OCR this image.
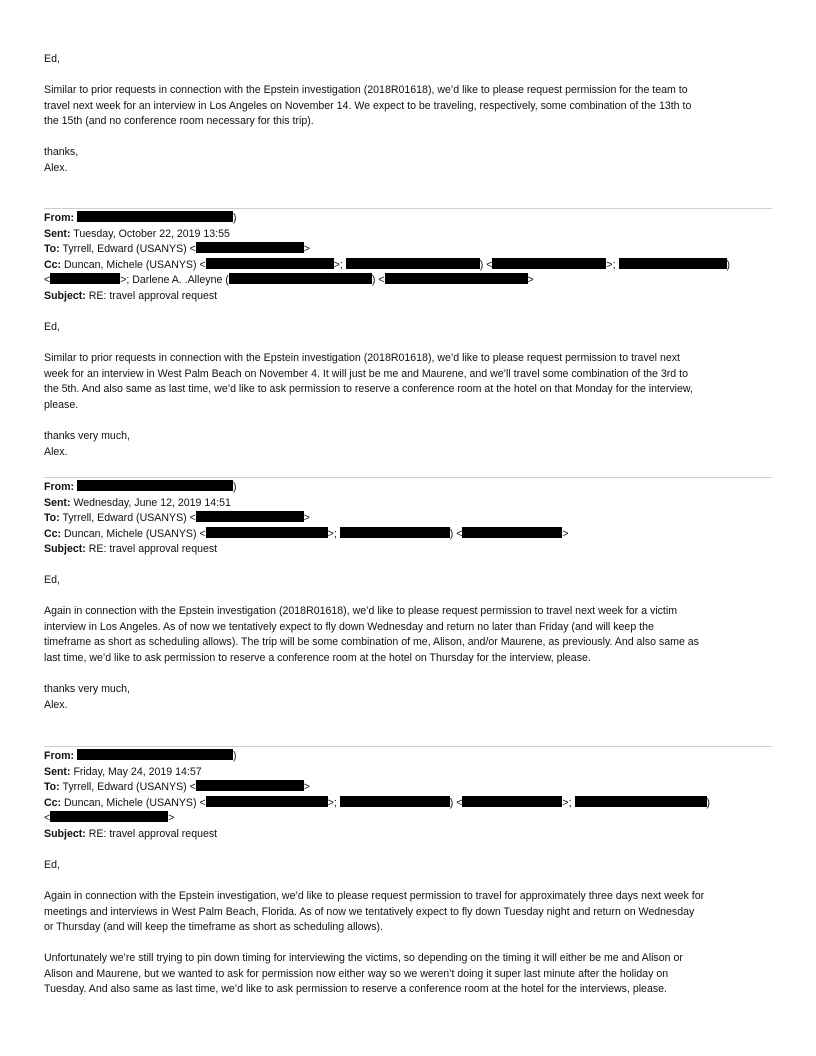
Ed,

Similar to prior requests in connection with the Epstein investigation (2018R01618), we’d like to please request permission for the team to

travel next week for an interview in Los Angeles on November 14. We expect to be traveling, respectively, some combination of the 13th to

the 15th (and no conference room necessary for this trip).

thanks,

Alex.

From:	)
Sent: Tuesday, October 22, 2019 13:55
To: Tyrrell, Edward (USANYS) <	>
Cc: Duncan, Michele (USANYS) <	>;	) <	>;	)
<	>; Darlene A. .Alleyne (	) <	>
Subject: RE: travel approval request

Ed,

Similar to prior requests in connection with the Epstein investigation (2018R01618), we’d like to please request permission to travel next

week for an interview in West Palm Beach on November 4. It will just be me and Maurene, and we’ll travel some combination of the 3rd to

the 5th. And also same as last time, we’d like to ask permission to reserve a conference room at the hotel on that Monday for the interview,

please.

thanks very much,

Alex.

From:	)
Sent: Wednesday, June 12, 2019 14:51
To: Tyrrell, Edward (USANYS) <	>
Cc: Duncan, Michele (USANYS) <	>;	) <	>
Subject: RE: travel approval request

Ed,

Again in connection with the Epstein investigation (2018R01618), we’d like to please request permission to travel next week for a victim

interview in Los Angeles. As of now we tentatively expect to fly down Wednesday and return no later than Friday (and will keep the

timeframe as short as scheduling allows). The trip will be some combination of me, Alison, and/or Maurene, as previously. And also same as

last time, we’d like to ask permission to reserve a conference room at the hotel on Thursday for the interview, please.

thanks very much,

Alex.

From:	)
Sent: Friday, May 24, 2019 14:57
To: Tyrrell, Edward (USANYS) <	>
Cc: Duncan, Michele (USANYS) <	>;	) <	>;	)
<	>
Subject: RE: travel approval request

Ed,

Again in connection with the Epstein investigation, we’d like to please request permission to travel for approximately three days next week for

meetings and interviews in West Palm Beach, Florida. As of now we tentatively expect to fly down Tuesday night and return on Wednesday

or Thursday (and will keep the timeframe as short as scheduling allows).

Unfortunately we’re still trying to pin down timing for interviewing the victims, so depending on the timing it will either be me and Alison or

Alison and Maurene, but we wanted to ask for permission now either way so we weren’t doing it super last minute after the holiday on

Tuesday. And also same as last time, we’d like to ask permission to reserve a conference room at the hotel for the interviews, please.
